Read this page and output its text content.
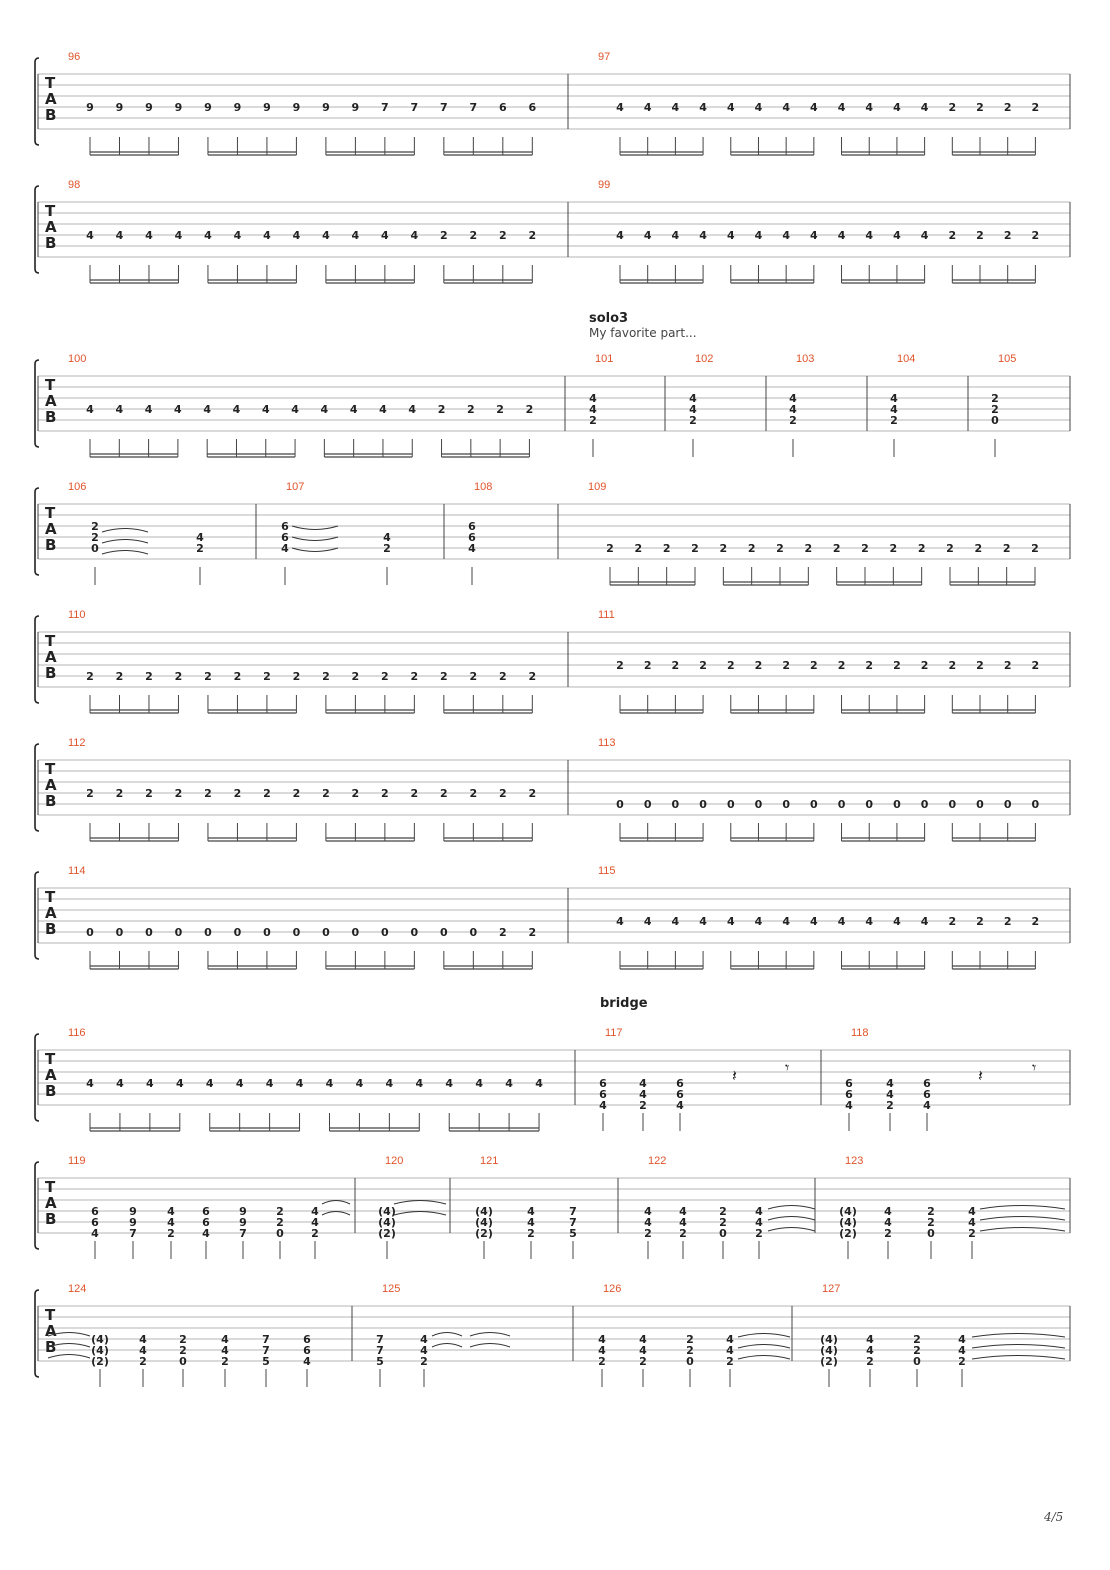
solo3
My favorite part...
bridge
T
A
B
96
9 9 9 9 9 9 9 9 9 9 7 7 7 7 6 6
97
4 4 4 4 4 4 4 4 4 4 4 4 2 2 2 2
T
A
B
98
4 4 4 4 4 4 4 4 4 4 4 4 2 2 2 2
99
4 4 4 4 4 4 4 4 4 4 4 4 2 2 2 2
T
A
B
100
4 4 4 4 4 4 4 4 4 4 4 4 2 2 2 2
101
4
4
2
102
4
4
2
103
4
4
2
104
4
4
2
105
2
2
0
T
A
B
106
2
2
0
4
2
107
6
6
4
4
2
108
6
6
4
109
2 2 2 2 2 2 2 2 2 2 2 2 2 2 2 2
T
A
B
110
2 2 2 2 2 2 2 2 2 2 2 2 2 2 2 2
111
2 2 2 2 2 2 2 2 2 2 2 2 2 2 2 2
T
A
B
112
2 2 2 2 2 2 2 2 2 2 2 2 2 2 2 2
113
0 0 0 0 0 0 0 0 0 0 0 0 0 0 0 0
T
A
B
114
0 0 0 0 0 0 0 0 0 0 0 0 0 0 2 2
115
4 4 4 4 4 4 4 4 4 4 4 4 2 2 2 2
T
A
B
116
4 4 4 4 4 4 4 4 4 4 4 4 4 4 4 4
117
6
6
4
4
4
2
6
6
4
118
6
6
4
4
4
2
6
6
4
T
A
B
119
6
6
4
9
9
7
4
4
2
6
6
4
9
9
7
2
2
0
4
4
2
120
(4)
(4)
(2)
121
(4)
(4)
(2)
4
4
2
7
7
5
122
4
4
2
4
4
2
2
2
0
4
4
2
123
(4)
(4)
(2)
4
4
2
2
2
0
4
4
2
T
A
B
124
(4)
(4)
(2)
4
4
2
2
2
0
4
4
2
7
7
5
6
6
4
125
7
7
5
4
4
2
126
4
4
2
4
4
2
2
2
0
4
4
2
127
(4)
(4)
(2)
4
4
2
2
2
0
4
4
2
𝄽	𝄾	𝄽	𝄾
4/5
